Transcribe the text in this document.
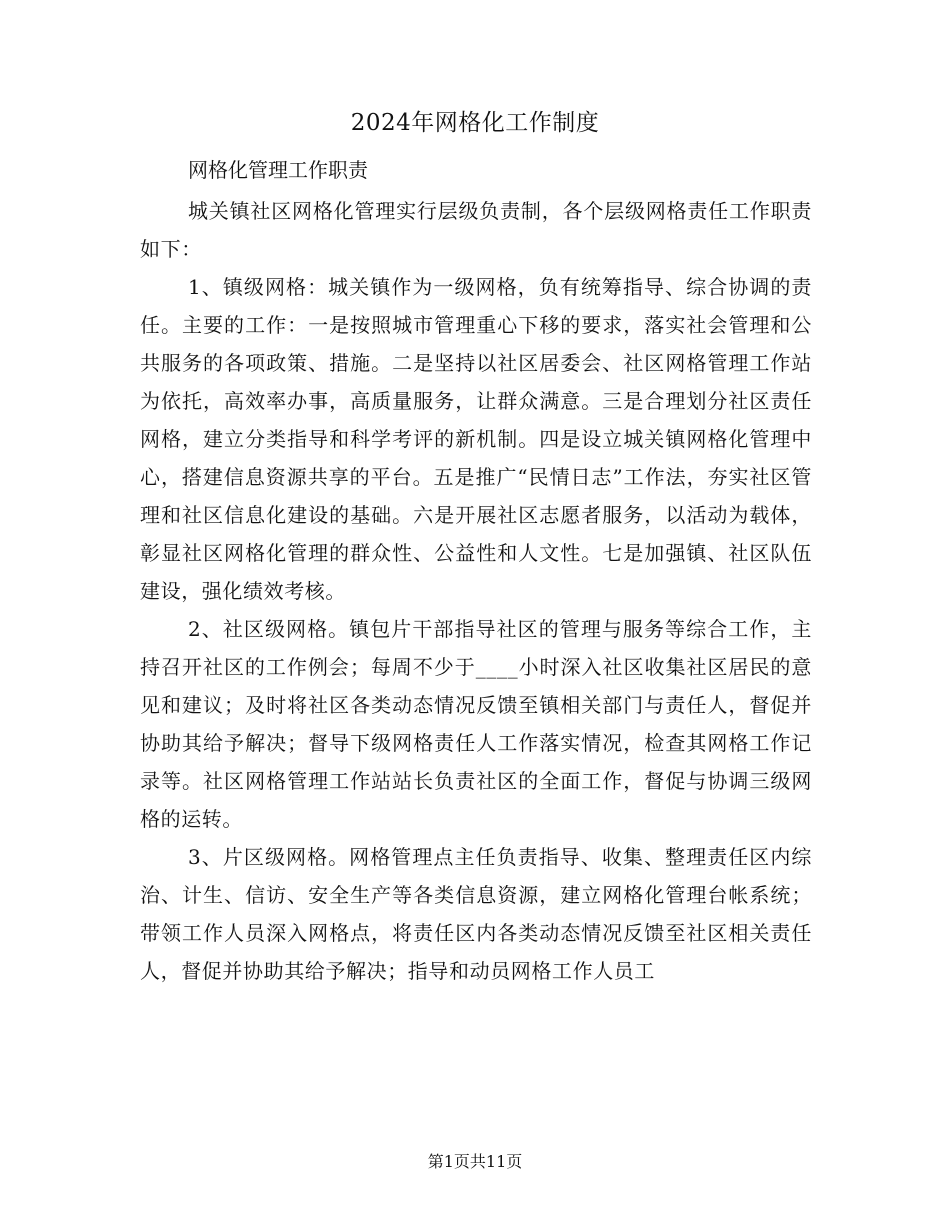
2024年网格化工作制度
网格化管理工作职责

城关镇社区网格化管理实行层级负责制，各个层级网格责任工作职责如下：

1、镇级网格：城关镇作为一级网格，负有统筹指导、综合协调的责任。主要的工作：一是按照城市管理重心下移的要求，落实社会管理和公共服务的各项政策、措施。二是坚持以社区居委会、社区网格管理工作站为依托，高效率办事，高质量服务，让群众满意。三是合理划分社区责任网格，建立分类指导和科学考评的新机制。四是设立城关镇网格化管理中心，搭建信息资源共享的平台。五是推广“民情日志”工作法，夯实社区管理和社区信息化建设的基础。六是开展社区志愿者服务，以活动为载体，彰显社区网格化管理的群众性、公益性和人文性。七是加强镇、社区队伍建设，强化绩效考核。

2、社区级网格。镇包片干部指导社区的管理与服务等综合工作，主持召开社区的工作例会；每周不少于____小时深入社区收集社区居民的意见和建议；及时将社区各类动态情况反馈至镇相关部门与责任人，督促并协助其给予解决；督导下级网格责任人工作落实情况，检查其网格工作记录等。社区网格管理工作站站长负责社区的全面工作，督促与协调三级网格的运转。

3、片区级网格。网格管理点主任负责指导、收集、整理责任区内综治、计生、信访、安全生产等各类信息资源，建立网格化管理台帐系统；带领工作人员深入网格点，将责任区内各类动态情况反馈至社区相关责任人，督促并协助其给予解决；指导和动员网格工作人员工

第1页共11页
